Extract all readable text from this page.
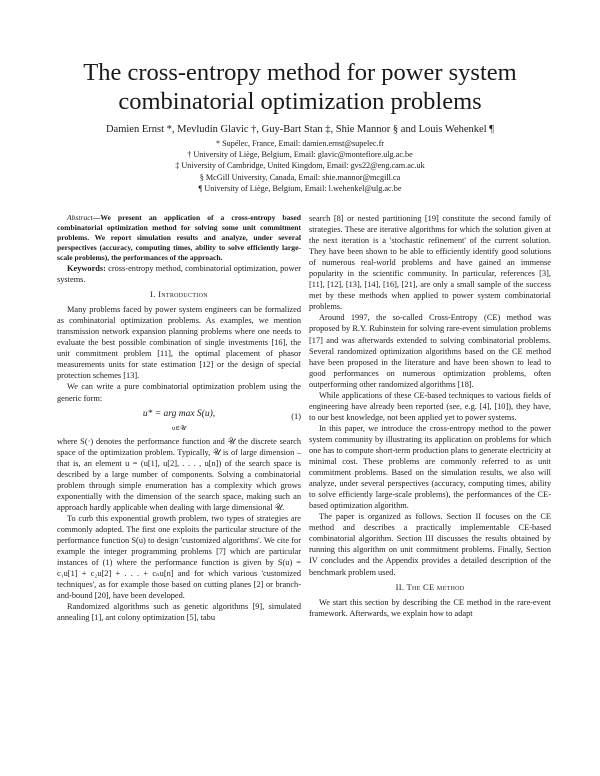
The cross-entropy method for power system
combinatorial optimization problems
Damien Ernst *, Mevludin Glavic †, Guy-Bart Stan ‡, Shie Mannor § and Louis Wehenkel ¶
* Supélec, France, Email: damien.ernst@supelec.fr
† University of Liège, Belgium, Email: glavic@montefiore.ulg.ac.be
‡ University of Cambridge, United Kingdom, Email: gvs22@eng.cam.ac.uk
§ McGill University, Canada, Email: shie.mannor@mcgill.ca
¶ University of Liège, Belgium, Email: l.wehenkel@ulg.ac.be

Abstract—We present an application of a cross-entropy based combinatorial optimization method for solving some unit commitment problems. We report simulation results and analyze, under several perspectives (accuracy, computing times, ability to solve efficiently large-scale problems), the performances of the approach.

Keywords: cross-entropy method, combinatorial optimization, power systems.

I. Introduction

Many problems faced by power system engineers can be formalized as combinatorial optimization problems. As examples, we mention transmission network expansion planning problems where one needs to evaluate the best possible combination of single investments [16], the unit commitment problem [11], the optimal placement of phasor measurements units for state estimation [12] or the design of special protection schemes [13].

We can write a pure combinatorial optimization problem using the generic form:

u* = arg max S(u),
$_{u\in 𝒰}$
(1)

where S(·) denotes the performance function and 𝒰 the discrete search space of the optimization problem. Typically, 𝒰 is of large dimension – that is, an element u = (u[1], u[2], . . . , u[n]) of the search space is described by a large number of components. Solving a combinatorial problem through simple enumeration has a complexity which grows exponentially with the dimension of the search space, making such an approach hardly applicable when dealing with large dimensional 𝒰.

To curb this exponential growth problem, two types of strategies are commonly adopted. The first one exploits the particular structure of the performance function S(u) to design 'customized algorithms'. We cite for example the integer programming problems [7] which are particular instances of (1) where the performance function is given by S(u) = c₁u[1] + c₂u[2] + . . . + cₙu[n] and for which various 'customized techniques', as for example those based on cutting planes [2] or branch-and-bound [20], have been developed.

Randomized algorithms such as genetic algorithms [9], simulated annealing [1], ant colony optimization [5], tabu

search [8] or nested partitioning [19] constitute the second family of strategies. These are iterative algorithms for which the solution given at the next iteration is a 'stochastic refinement' of the current solution. They have been shown to be able to efficiently identify good solutions of numerous real-world problems and have gained an immense popularity in the scientific community. In particular, references [3], [11], [12], [13], [14], [16], [21], are only a small sample of the success met by these methods when applied to power system combinatorial problems.

Around 1997, the so-called Cross-Entropy (CE) method was proposed by R.Y. Rubinstein for solving rare-event simulation problems [17] and was afterwards extended to solving combinatorial problems. Several randomized optimization algorithms based on the CE method have been proposed in the literature and have been shown to lead to good performances on numerous optimization problems, often outperforming other randomized algorithms [18].

While applications of these CE-based techniques to various fields of engineering have already been reported (see, e.g. [4], [10]), they have, to our best knowledge, not been applied yet to power systems.

In this paper, we introduce the cross-entropy method to the power system community by illustrating its application on problems for which one has to compute short-term production plans to generate electricity at minimal cost. These problems are commonly referred to as unit commitment problems. Based on the simulation results, we also will analyze, under several perspectives (accuracy, computing times, ability to solve efficiently large-scale problems), the performances of the CE-based optimization algorithm.

The paper is organized as follows. Section II focuses on the CE method and describes a practically implementable CE-based combinatorial algorithm. Section III discusses the results obtained by running this algorithm on unit commitment problems. Finally, Section IV concludes and the Appendix provides a detailed description of the benchmark problem used.

II. The CE method

We start this section by describing the CE method in the rare-event framework. Afterwards, we explain how to adapt
